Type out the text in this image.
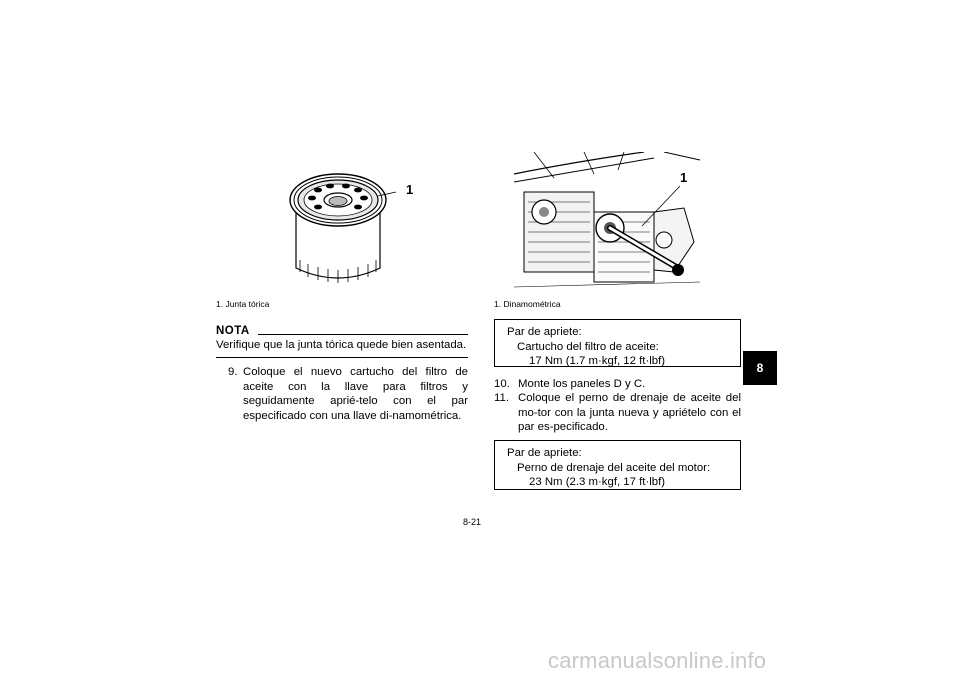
1
1. Junta tórica
1
1. Dinamométrica
NOTA
Verifique que la junta tórica quede bien asentada.
9. Coloque el nuevo cartucho del filtro de aceite con la llave para filtros y seguidamente aprié-telo con el par especificado con una llave di-namométrica.
Par de apriete:
Cartucho del filtro de aceite:
17 Nm (1.7 m·kgf, 12 ft·lbf)
10. Monte los paneles D y C.
11. Coloque el perno de drenaje de aceite del mo-tor con la junta nueva y apriételo con el par es-pecificado.
Par de apriete:
Perno de drenaje del aceite del motor:
23 Nm (2.3 m·kgf, 17 ft·lbf)
8-21
8
carmanualsonline.info
